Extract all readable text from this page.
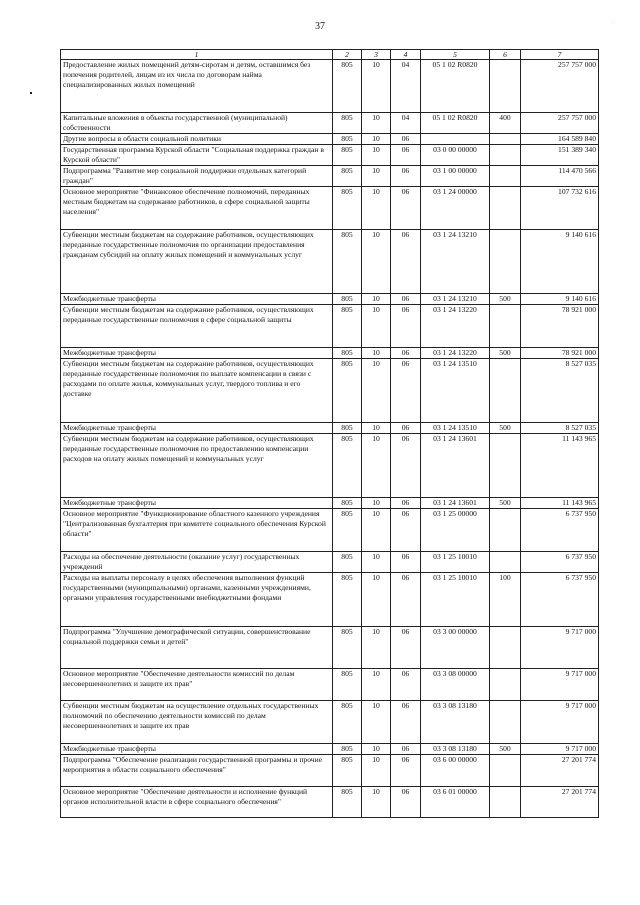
·
37
1	2	3	4	5	6	7
Предоставление жилых помещений детям-сиротам и детям, оставшимся без попечения родителей, лицам из их числа по договорам найма специализированных жилых помещений	805	10	04	05 1 02 R0820		257 757 000
Капитальные вложения в объекты государственной (муниципальной) собственности	805	10	04	05 1 02 R0820	400	257 757 000
Другие вопросы в области социальной политики	805	10	06			164 589 840
Государственная программа Курской области "Социальная поддержка граждан в Курской области"	805	10	06	03 0 00 00000		151 389 340
Подпрограмма "Развитие мер социальной поддержки отдельных категорий граждан"	805	10	06	03 1 00 00000		114 470 566
Основное мероприятие "Финансовое обеспечение полномочий, переданных местным бюджетам на содержание работников, в сфере социальной защиты населения"	805	10	06	03 1 24 00000		107 732 616
Субвенции местным бюджетам на содержание работников, осуществляющих переданные государственные полномочия по организации предоставления гражданам субсидий на оплату жилых помещений и коммунальных услуг	805	10	06	03 1 24 13210		9 140 616
Межбюджетные трансферты	805	10	06	03 1 24 13210	500	9 140 616
Субвенции местным бюджетам на содержание работников, осуществляющих переданные государственные полномочия в сфере социальной защиты	805	10	06	03 1 24 13220		78 921 000
Межбюджетные трансферты	805	10	06	03 1 24 13220	500	78 921 000
Субвенции местным бюджетам на содержание работников, осуществляющих переданные государственные полномочия по выплате компенсации в связи с расходами по оплате жилья, коммунальных услуг, твердого топлива и его доставке	805	10	06	03 1 24 13510		8 527 035
Межбюджетные трансферты	805	10	06	03 1 24 13510	500	8 527 035
Субвенции местным бюджетам на содержание работников, осуществляющих переданные государственные полномочия по предоставлению компенсации расходов на оплату жилых помещений и коммунальных услуг	805	10	06	03 1 24 13601		11 143 965
Межбюджетные трансферты	805	10	06	03 1 24 13601	500	11 143 965
Основное мероприятие "Функционирование областного казенного учреждения "Централизованная бухгалтерия при комитете социального обеспечения Курской области"	805	10	06	03 1 25 00000		6 737 950
Расходы на обеспечение деятельности (оказание услуг) государственных учреждений	805	10	06	03 1 25 10010		6 737 950
Расходы на выплаты персоналу в целях обеспечения выполнения функций государственными (муниципальными) органами, казенными учреждениями, органами управления государственными внебюджетными фондами	805	10	06	03 1 25 10010	100	6 737 950
Подпрограмма "Улучшение демографической ситуации, совершенствование социальной поддержки семьи и детей"	805	10	06	03 3 00 00000		9 717 000
Основное мероприятие "Обеспечение деятельности комиссий по делам несовершеннолетних и защите их прав"	805	10	06	03 3 08 00000		9 717 000
Субвенции местным бюджетам на осуществление отдельных государственных полномочий по обеспечению деятельности комиссий по делам несовершеннолетних и защите их прав	805	10	06	03 3 08 13180		9 717 000
Межбюджетные трансферты	805	10	06	03 3 08 13180	500	9 717 000
Подпрограмма "Обеспечение реализации государственной программы и прочие мероприятия в области социального обеспечения"	805	10	06	03 6 00 00000		27 201 774
Основное мероприятие "Обеспечение деятельности и исполнение функций органов исполнительной власти в сфере социального обеспечения"	805	10	06	03 6 01 00000		27 201 774
